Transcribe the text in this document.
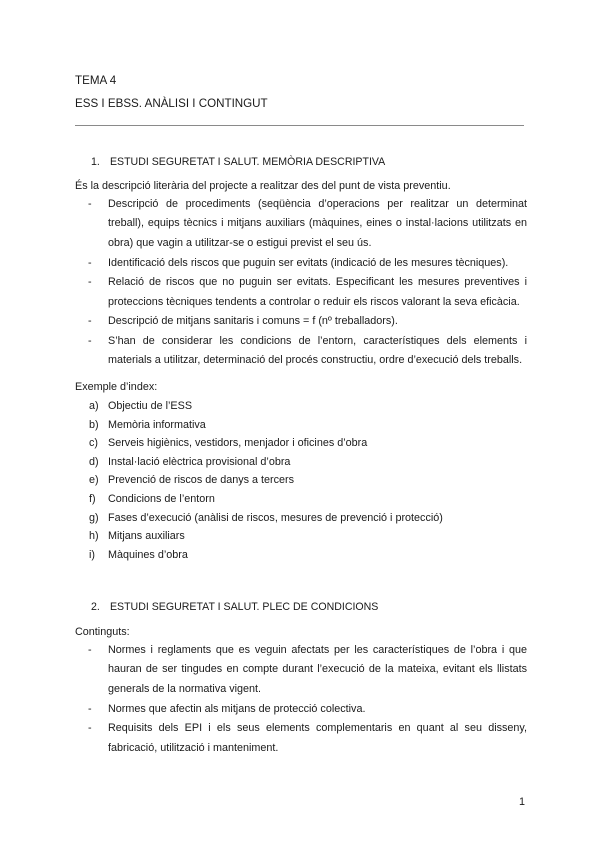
TEMA 4
ESS I EBSS. ANÀLISI I CONTINGUT
1. ESTUDI SEGURETAT I SALUT. MEMÒRIA DESCRIPTIVA
És la descripció literària del projecte a realitzar des del punt de vista preventiu.
- Descripció de procediments (seqüència d’operacions per realitzar un determinat treball), equips tècnics i mitjans auxiliars (màquines, eines o instal·lacions utilitzats en obra) que vagin a utilitzar-se o estigui previst el seu ús.
- Identificació dels riscos que puguin ser evitats (indicació de les mesures tècniques).
- Relació de riscos que no puguin ser evitats. Especificant les mesures preventives i proteccions tècniques tendents a controlar o reduir els riscos valorant la seva eficàcia.
- Descripció de mitjans sanitaris i comuns = f (nº treballadors).
- S’han de considerar les condicions de l’entorn, característiques dels elements i materials a utilitzar, determinació del procés constructiu, ordre d’execució dels treballs.
Exemple d’index:
a) Objectiu de l’ESS
b) Memòria informativa
c) Serveis higiènics, vestidors, menjador i oficines d’obra
d) Instal·lació elèctrica provisional d’obra
e) Prevenció de riscos de danys a tercers
f) Condicions de l’entorn
g) Fases d’execució (anàlisi de riscos, mesures de prevenció i protecció)
h) Mitjans auxiliars
i) Màquines d’obra
2. ESTUDI SEGURETAT I SALUT. PLEC DE CONDICIONS
Continguts:
- Normes i reglaments que es veguin afectats per les característiques de l’obra i que hauran de ser tingudes en compte durant l’execució de la mateixa, evitant els llistats generals de la normativa vigent.
- Normes que afectin als mitjans de protecció colectiva.
- Requisits dels EPI i els seus elements complementaris en quant al seu disseny, fabricació, utilització i manteniment.
1
